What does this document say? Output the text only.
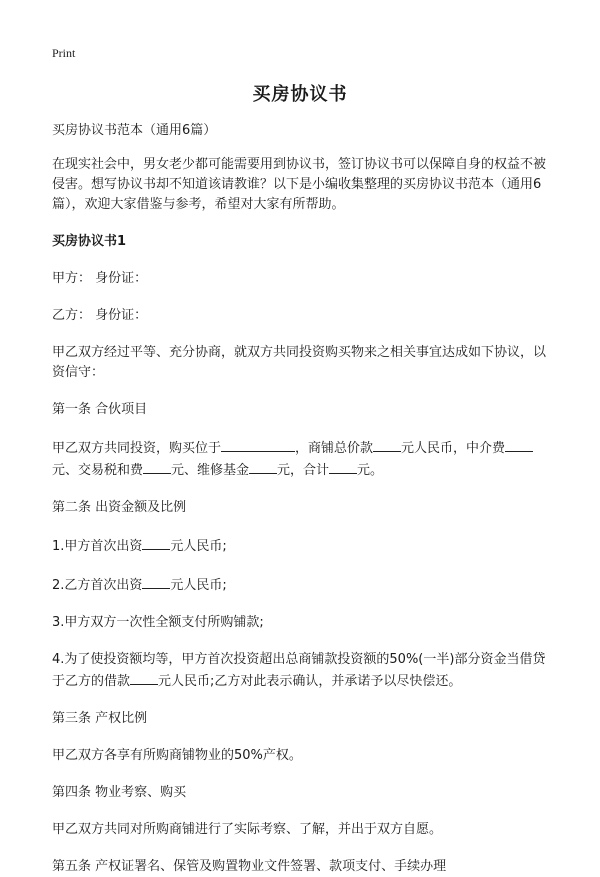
Print
买房协议书

买房协议书范本（通用6篇）

在现实社会中，男女老少都可能需要用到协议书，签订协议书可以保障自身的权益不被侵害。想写协议书却不知道该请教谁？以下是小编收集整理的买房协议书范本（通用6篇），欢迎大家借鉴与参考，希望对大家有所帮助。

买房协议书1

甲方： 身份证：

乙方： 身份证：

甲乙双方经过平等、充分协商，就双方共同投资购买物来之相关事宜达成如下协议，以资信守：

第一条 合伙项目

甲乙双方共同投资，购买位于	，商铺总价款 元人民币，中介费元、交易税和费 元、维修基金 元，合计 元。

第二条 出资金额及比例

1.甲方首次出资 元人民币;

2.乙方首次出资 元人民币;

3.甲方双方一次性全额支付所购铺款;

4.为了使投资额均等，甲方首次投资超出总商铺款投资额的50%(一半)部分资金当借贷于乙方的借款 元人民币;乙方对此表示确认，并承诺予以尽快偿还。

第三条 产权比例

甲乙双方各享有所购商铺物业的50%产权。

第四条 物业考察、购买

甲乙双方共同对所购商铺进行了实际考察、了解，并出于双方自愿。

第五条 产权证署名、保管及购置物业文件签署、款项支付、手续办理
